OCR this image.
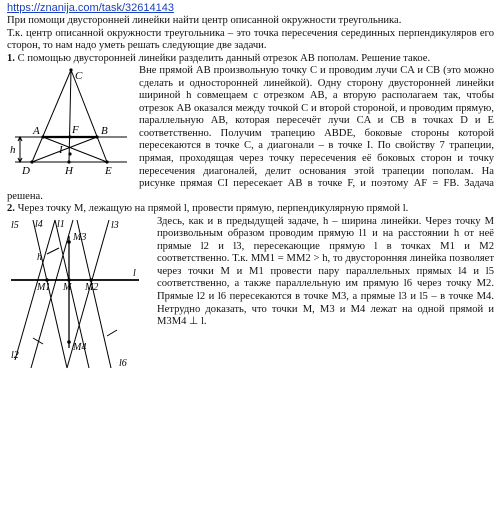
https://znanija.com/task/32614143

При помощи двусторонней линейки найти центр описанной окружности треугольника.

Т.к. центр описанной окружности треугольника – это точка пересечения серединных перпендикуляров его сторон, то нам надо уметь решать следующие две задачи.

1. С помощью двусторонней линейки разделить данный отрезок AB пополам. Решение такое.

C
A	F B
h	I
D	H	E

Вне прямой AB произвольную точку C и проводим лучи CA и CB (это можно сделать и односторонней линейкой). Одну сторону двусторонней линейки шириной h совмещаем с отрезком AB, а вторую располагаем так, чтобы отрезок AB оказался между точкой C и второй стороной, и проводим прямую, параллельную AB, которая пересечёт лучи CA и CB в точках D и E соответственно. Получим трапецию ABDE, боковые стороны которой пересекаются в точке C, а диагонали – в точке I. По свойству 7 трапеции, прямая, проходящая через точку пересечения её боковых сторон и точку пересечения диагоналей, делит основания этой трапеции пополам. На рисунке прямая CI пересекает AB в точке F, и поэтому AF = FB. Задача решена.

2. Через точку M, лежащую на прямой l, провести прямую, перпендикулярную прямой l.

l5 l4 l1	l3
M3
h
M1 M M2
l
l2
M4
l6

Здесь, как и в предыдущей задаче, h – ширина линейки. Через точку M произвольным образом проводим прямую l1 и на расстоянии h от неё прямые l2 и l3, пересекающие прямую l в точках M1 и M2 соответственно. Т.к. MM1 = MM2 > h, то двусторонняя линейка позволяет через точки M и M1 провести пару параллельных прямых l4 и l5 соответственно, а также параллельную им прямую l6 через точку M2. Прямые l2 и l6 пересекаются в точке M3, а прямые l3 и l5 – в точке M4. Нетрудно доказать, что точки M, M3 и M4 лежат на одной прямой и M3M4 ⊥ l.
